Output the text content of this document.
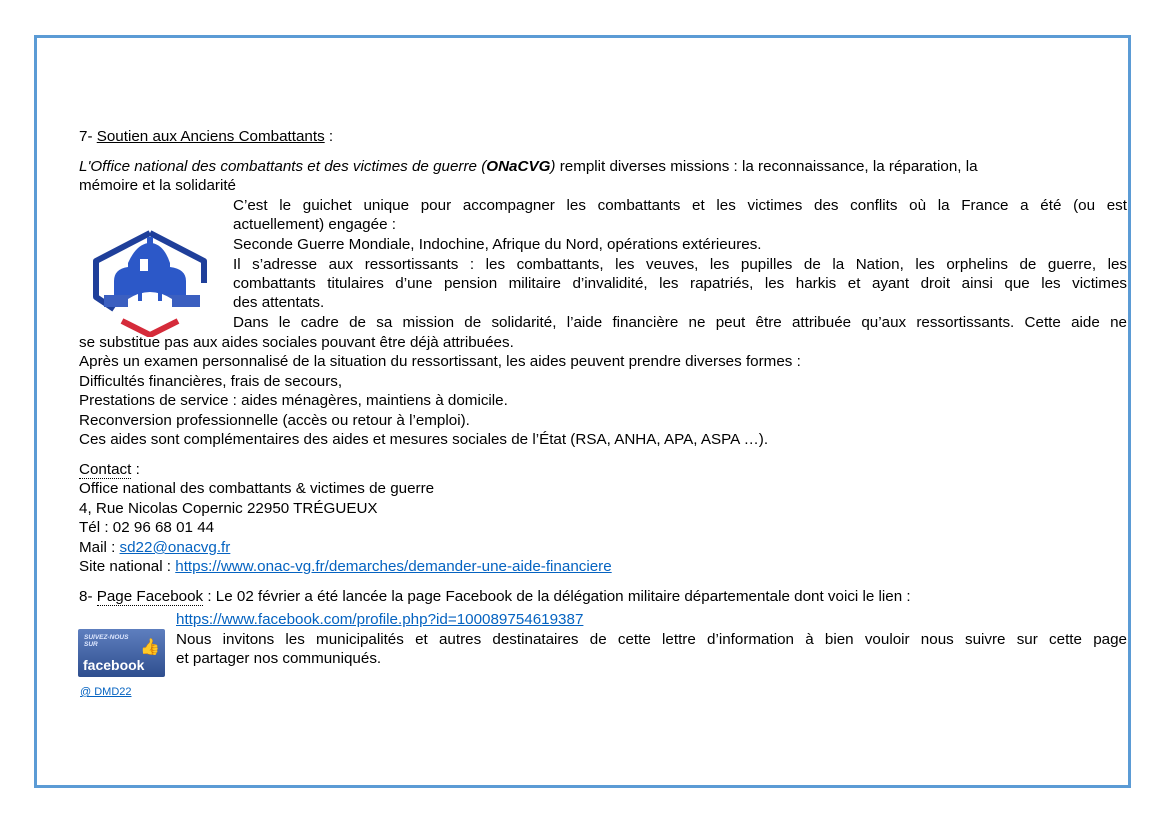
7- Soutien aux Anciens Combattants :
L'Office national des combattants et des victimes de guerre (ONaCVG) remplit diverses missions : la reconnaissance, la réparation, la
mémoire et la solidarité
C’est le guichet unique pour accompagner les combattants et les victimes des conflits où la France a été (ou est
actuellement) engagée :
Seconde Guerre Mondiale, Indochine, Afrique du Nord, opérations extérieures.
Il s’adresse aux ressortissants : les combattants, les veuves, les pupilles de la Nation, les orphelins de guerre, les
combattants titulaires d’une pension militaire d’invalidité, les rapatriés, les harkis et ayant droit ainsi que les victimes
des attentats.
Dans le cadre de sa mission de solidarité, l’aide financière ne peut être attribuée qu’aux ressortissants. Cette aide ne
se substitue pas aux aides sociales pouvant être déjà attribuées.
Après un examen personnalisé de la situation du ressortissant, les aides peuvent prendre diverses formes :
Difficultés financières, frais de secours,
Prestations de service : aides ménagères, maintiens à domicile.
Reconversion professionnelle (accès ou retour à l’emploi).
Ces aides sont complémentaires des aides et mesures sociales de l’État (RSA, ANHA, APA, ASPA …).
Contact :
Office national des combattants & victimes de guerre
4, Rue Nicolas Copernic 22950 TRÉGUEUX
Tél : 02 96 68 01 44
Mail : sd22@onacvg.fr
Site national : https://www.onac-vg.fr/demarches/demander-une-aide-financiere
8- Page Facebook : Le 02 février a été lancée la page Facebook de la délégation militaire départementale dont voici le lien :
SUIVEZ-NOUS SUR	👍
facebook
https://www.facebook.com/profile.php?id=100089754619387
Nous invitons les municipalités et autres destinataires de cette lettre d’information à bien vouloir nous suivre sur cette page
et partager nos communiqués.
@ DMD22
